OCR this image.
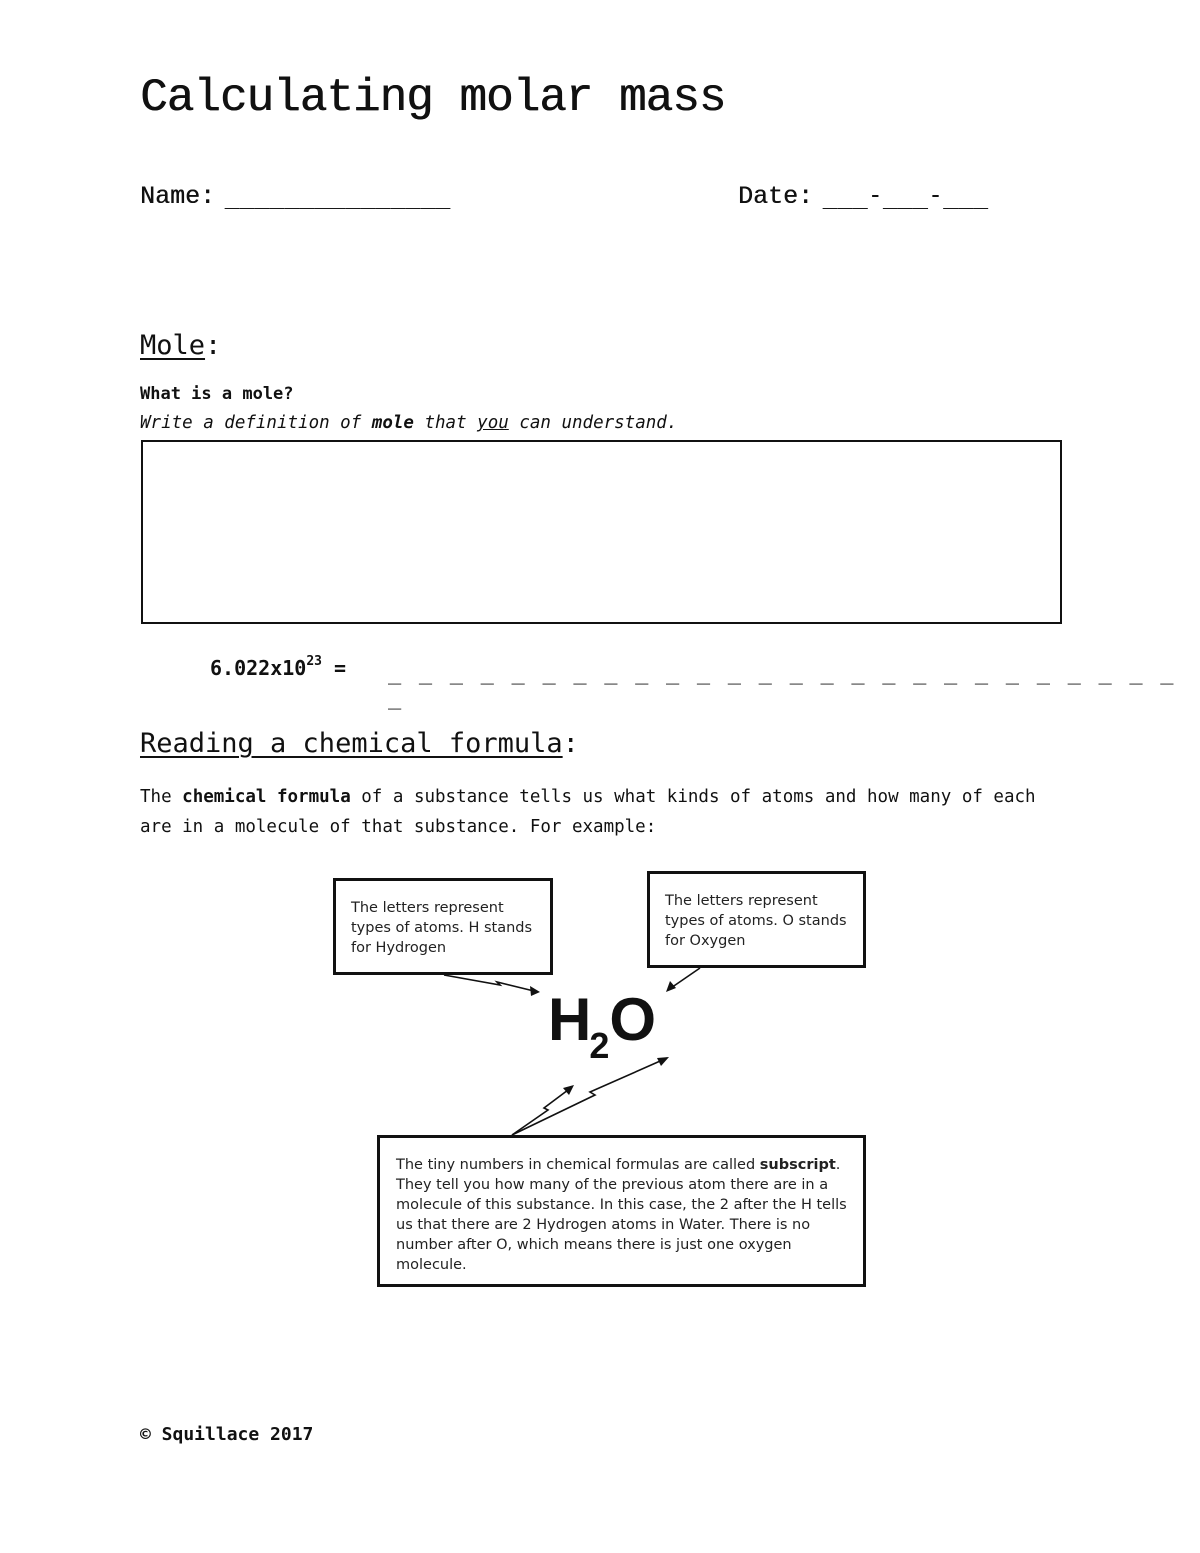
Calculating molar mass
Name: _______________	Date: ___-___-___
Mole:
What is a mole?
Write a definition of mole that you can understand.
$6.022x10^{23}$ = _ _ _ _ _ _ _ _ _ _ _ _ _ _ _ _ _ _ _ _ _ _ _ _ _ _ _
Reading a chemical formula:
The chemical formula of a substance tells us what kinds of atoms and how many of each are in a molecule of that substance. For example:
The letters represent types of atoms. H stands for Hydrogen
The letters represent types of atoms. O stands for Oxygen
$H_2O$
The tiny numbers in chemical formulas are called subscript. They tell you how many of the previous atom there are in a molecule of this substance. In this case, the 2 after the H tells us that there are 2 Hydrogen atoms in Water. There is no number after O, which means there is just one oxygen molecule.
© Squillace 2017
